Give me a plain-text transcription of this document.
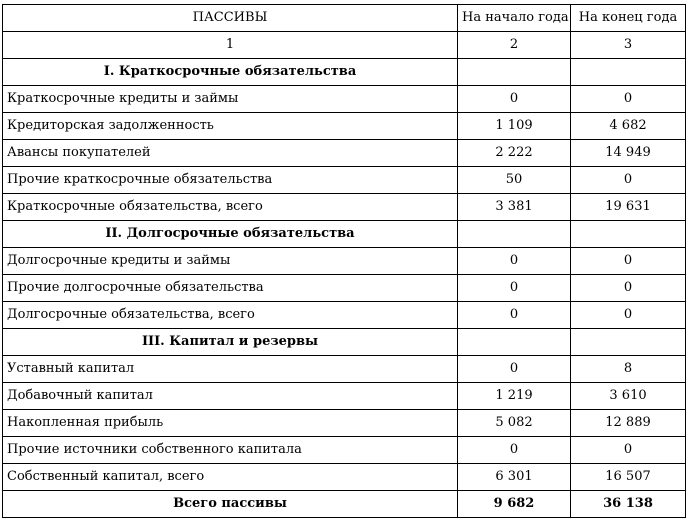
ПАССИВЫ	На начало года	На конец года
1	2	3
I. Краткосрочные обязательства		
Краткосрочные кредиты и займы	0	0
Кредиторская задолженность	1 109	4 682
Авансы покупателей	2 222	14 949
Прочие краткосрочные обязательства	50	0
Краткосрочные обязательства, всего	3 381	19 631
II. Долгосрочные обязательства		
Долгосрочные кредиты и займы	0	0
Прочие долгосрочные обязательства	0	0
Долгосрочные обязательства, всего	0	0
III. Капитал и резервы		
Уставный капитал	0	8
Добавочный капитал	1 219	3 610
Накопленная прибыль	5 082	12 889
Прочие источники собственного капитала	0	0
Собственный капитал, всего	6 301	16 507
Всего пассивы	9 682	36 138
